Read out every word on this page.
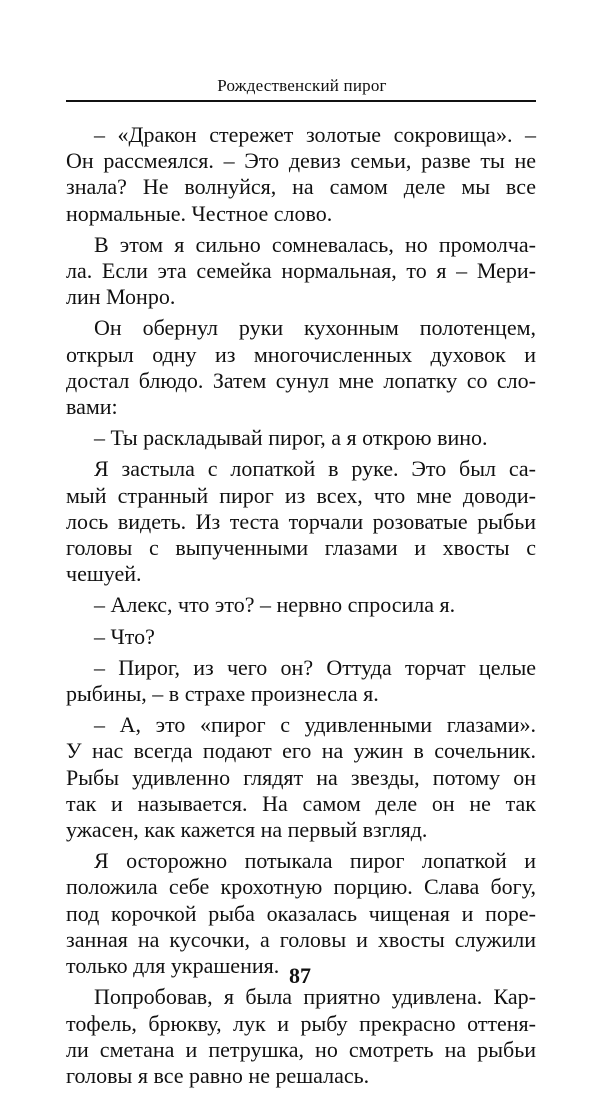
Рождественский пирог
– «Дракон стережет золотые сокровища». –
Он рассмеялся. – Это девиз семьи, разве ты не
знала? Не волнуйся, на самом деле мы все
нормальные. Честное слово.
В этом я сильно сомневалась, но промолча-
ла. Если эта семейка нормальная, то я – Мери-
лин Монро.
Он обернул руки кухонным полотенцем,
открыл одну из многочисленных духовок и
достал блюдо. Затем сунул мне лопатку со сло-
вами:
– Ты раскладывай пирог, а я открою вино.
Я застыла с лопаткой в руке. Это был са-
мый странный пирог из всех, что мне доводи-
лось видеть. Из теста торчали розоватые рыбьи
головы с выпученными глазами и хвосты с
чешуей.
– Алекс, что это? – нервно спросила я.
– Что?
– Пирог, из чего он? Оттуда торчат целые
рыбины, – в страхе произнесла я.
– А, это «пирог с удивленными глазами».
У нас всегда подают его на ужин в сочельник.
Рыбы удивленно глядят на звезды, потому он
так и называется. На самом деле он не так
ужасен, как кажется на первый взгляд.
Я осторожно потыкала пирог лопаткой и
положила себе крохотную порцию. Слава богу,
под корочкой рыба оказалась чищеная и поре-
занная на кусочки, а головы и хвосты служили
только для украшения.
Попробовав, я была приятно удивлена. Кар-
тофель, брюкву, лук и рыбу прекрасно оттеня-
ли сметана и петрушка, но смотреть на рыбьи
головы я все равно не решалась.
87
